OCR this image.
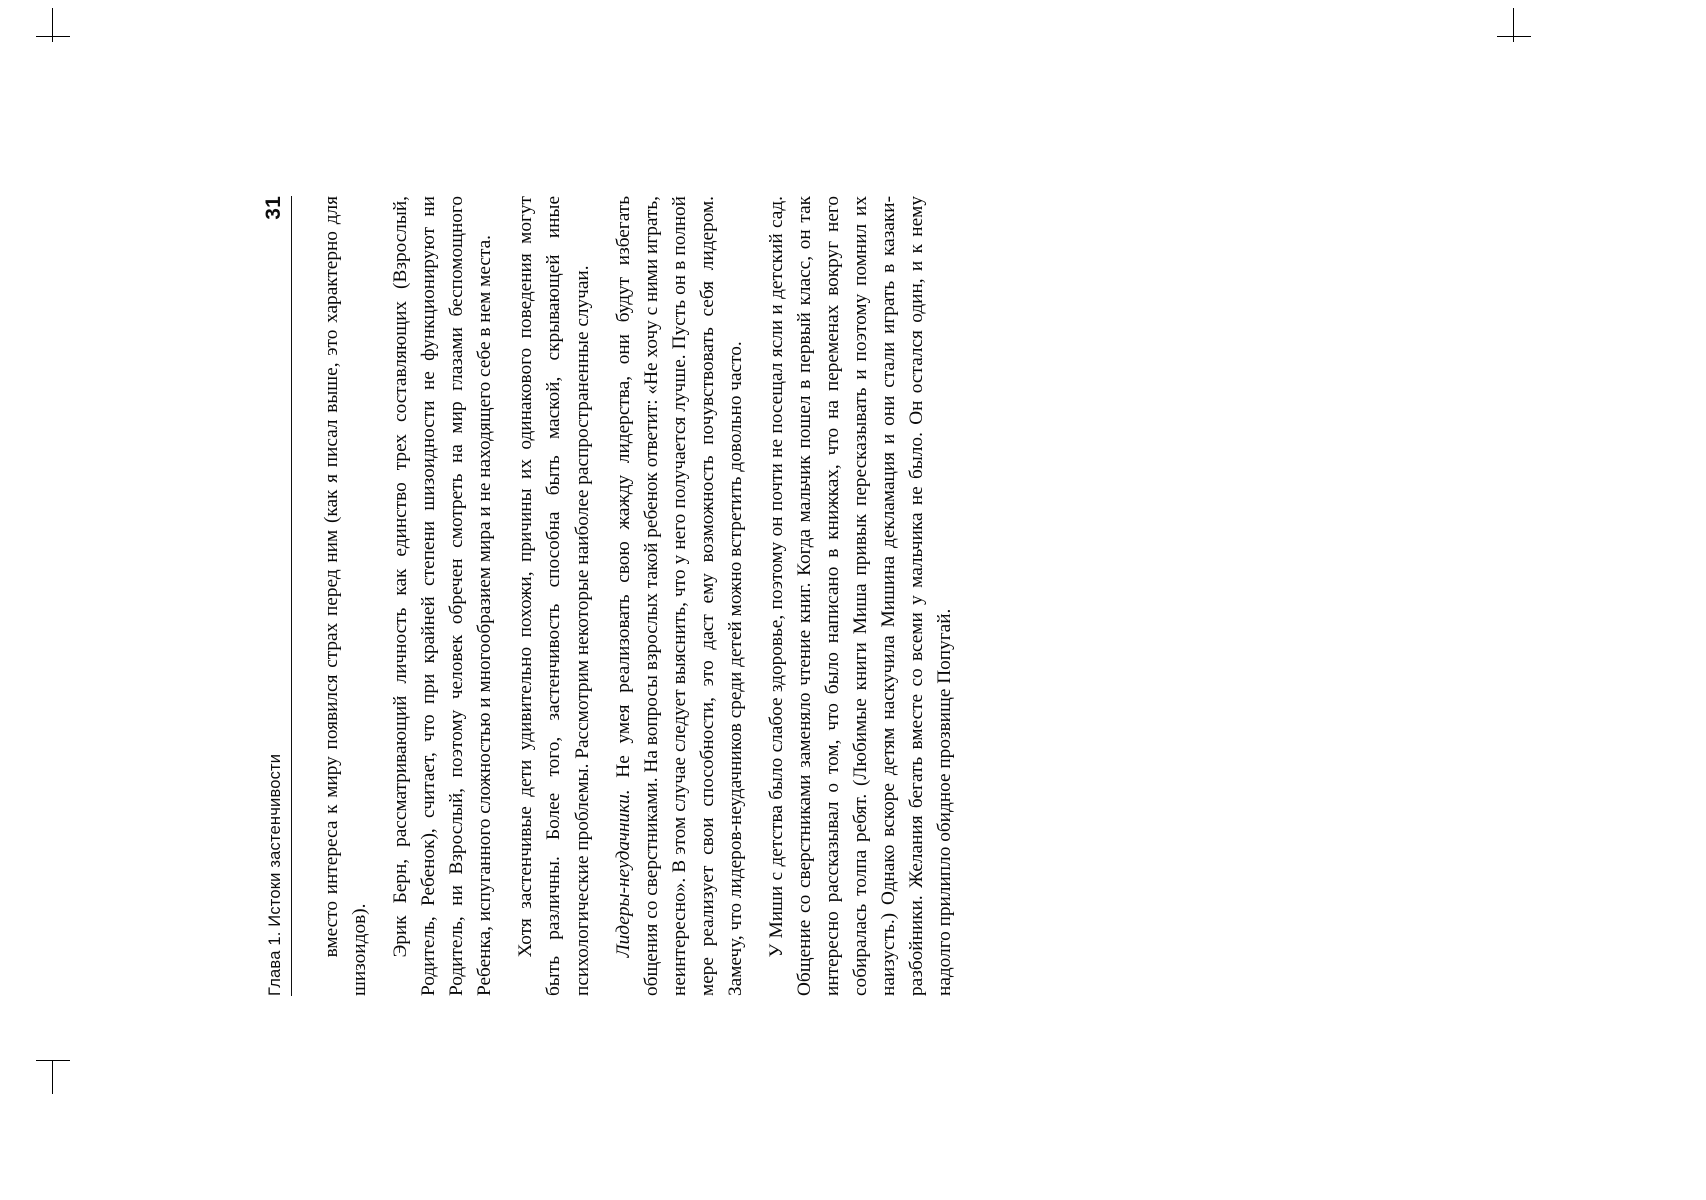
Глава 1. Истоки застенчивости
31 вместо интереса к миру появился страх перед ним (как я писал выше, это характерно для шизоидов). Эрик Берн, рассматривающий личность как единство трех составляющих (Взрослый, Родитель, Ребенок), считает, что при крайней степени шизоидности не функционируют ни Родитель, ни Взрослый, поэтому человек обречен смотреть на мир глазами беспомощного Ребенка, испуганного сложностью и многообразием мира и не находящего себе в нем места. Хотя застенчивые дети удивительно похожи, причины их одинакового поведения могут быть различны. Более того, застенчивость способна быть маской, скрывающей иные психологические проблемы. Рассмотрим некоторые наиболее распространенные случаи. Лидеры-неудачники. Не умея реализовать свою жажду лидерства, они будут избегать общения со сверстниками. На вопросы взрослых такой ребенок ответит: «Не хочу с ними играть, неинтересно». В этом случае следует выяснить, что у него получается лучше. Пусть он в полной мере реализует свои способности, это даст ему возможность почувствовать себя лидером. Замечу, что лидеров-неудачников среди детей можно встретить довольно часто. У Миши с детства было слабое здоровье, поэтому он почти не посещал ясли и детский сад. Общение со сверстниками заменяло чтение книг. Когда мальчик пошел в первый класс, он так интересно рассказывал о том, что было написано в книжках, что на переменах вокруг него собиралась толпа ребят. (Любимые книги Миша привык пересказывать и поэтому помнил их наизусть.) Однако вскоре детям наскучила Мишина декламация и они стали играть в казаки-разбойники. Желания бегать вместе со всеми у мальчика не было. Он остался один, и к нему надолго прилипло обидное прозвище Попугай.
